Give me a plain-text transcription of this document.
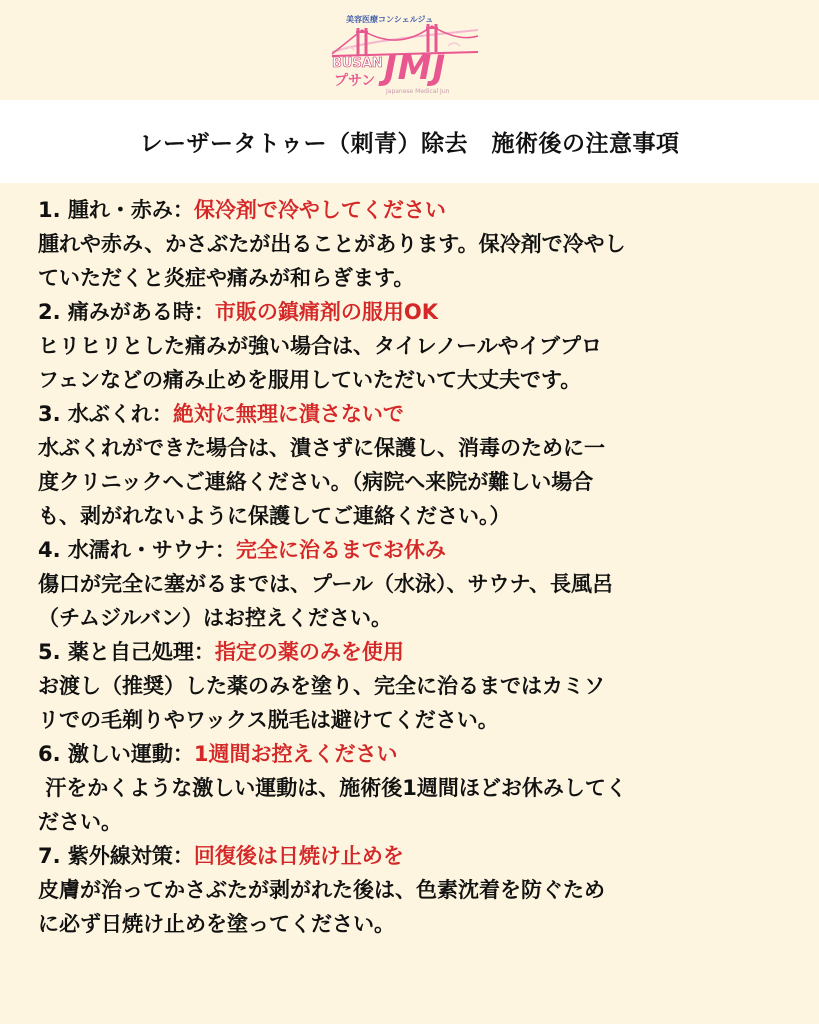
美容医療コンシェルジュ
BUSAN
プサン JMJ
Japanese Medical Jun
レーザータトゥー（刺青）除去　施術後の注意事項
1. 腫れ・赤み：保冷剤で冷やしてください
腫れや赤み、かさぶたが出ることがあります。保冷剤で冷やし
ていただくと炎症や痛みが和らぎます。
2. 痛みがある時：市販の鎮痛剤の服用OK
ヒリヒリとした痛みが強い場合は、タイレノールやイブプロ
フェンなどの痛み止めを服用していただいて大丈夫です。
3. 水ぶくれ：絶対に無理に潰さないで
水ぶくれができた場合は、潰さずに保護し、消毒のために一
度クリニックへご連絡ください。（病院へ来院が難しい場合
も、剥がれないように保護してご連絡ください。）
4. 水濡れ・サウナ：完全に治るまでお休み
傷口が完全に塞がるまでは、プール（水泳）、サウナ、長風呂
（チムジルバン）はお控えください。
5. 薬と自己処理：指定の薬のみを使用
お渡し（推奨）した薬のみを塗り、完全に治るまではカミソ
リでの毛剃りやワックス脱毛は避けてください。
6. 激しい運動：1週間お控えください
汗をかくような激しい運動は、施術後1週間ほどお休みしてく
ださい。
7. 紫外線対策：回復後は日焼け止めを
皮膚が治ってかさぶたが剥がれた後は、色素沈着を防ぐため
に必ず日焼け止めを塗ってください。
